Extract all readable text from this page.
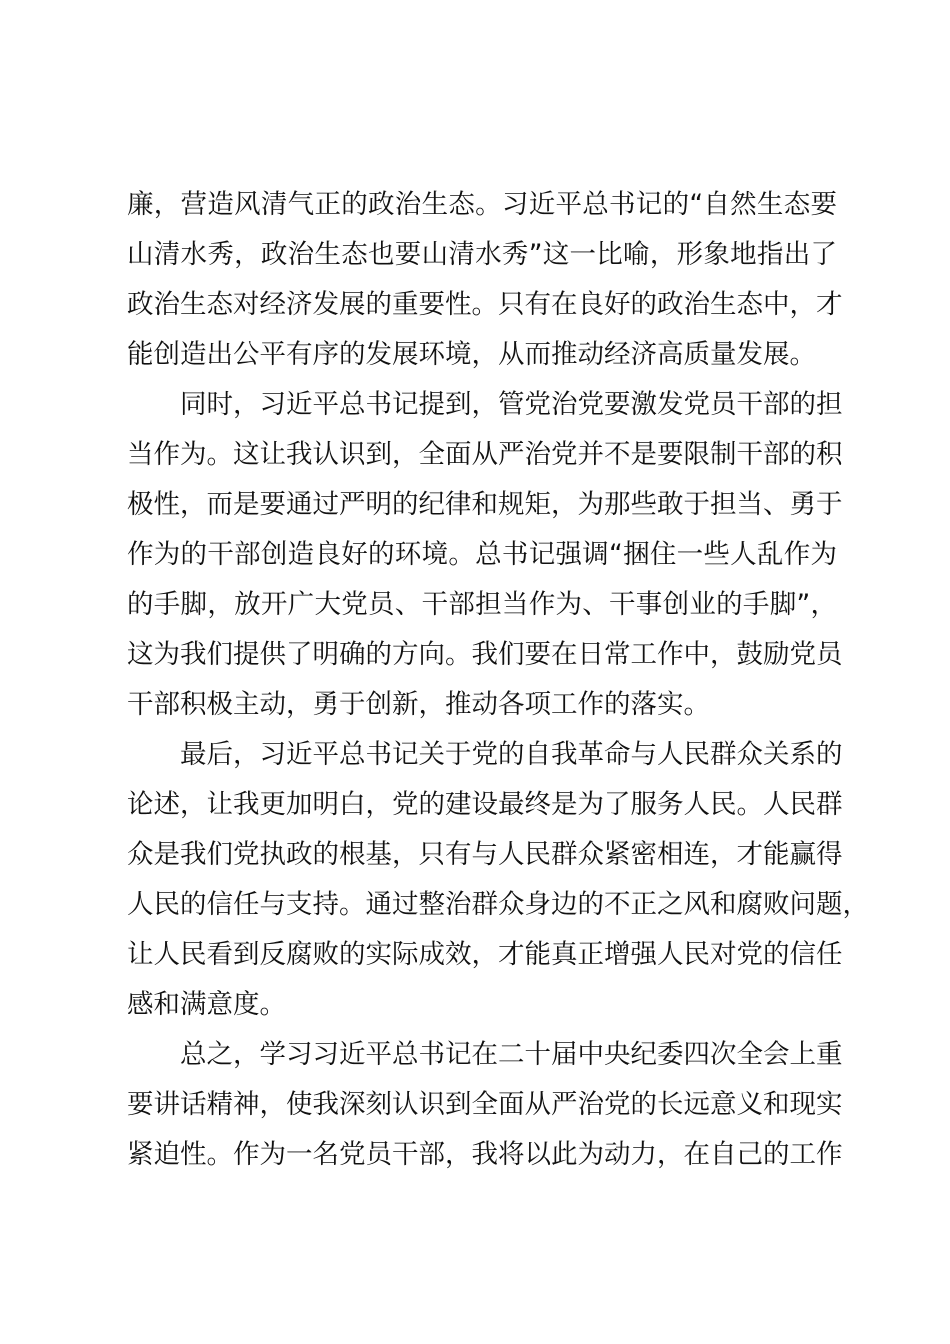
廉，营造风清气正的政治生态。习近平总书记的“自然生态要
山清水秀，政治生态也要山清水秀”这一比喻，形象地指出了
政治生态对经济发展的重要性。只有在良好的政治生态中，才
能创造出公平有序的发展环境，从而推动经济高质量发展。
同时，习近平总书记提到，管党治党要激发党员干部的担
当作为。这让我认识到，全面从严治党并不是要限制干部的积
极性，而是要通过严明的纪律和规矩，为那些敢于担当、勇于
作为的干部创造良好的环境。总书记强调“捆住一些人乱作为
的手脚，放开广大党员、干部担当作为、干事创业的手脚”，
这为我们提供了明确的方向。我们要在日常工作中，鼓励党员
干部积极主动，勇于创新，推动各项工作的落实。
最后，习近平总书记关于党的自我革命与人民群众关系的
论述，让我更加明白，党的建设最终是为了服务人民。人民群
众是我们党执政的根基，只有与人民群众紧密相连，才能赢得
人民的信任与支持。通过整治群众身边的不正之风和腐败问题，
让人民看到反腐败的实际成效，才能真正增强人民对党的信任
感和满意度。
总之，学习习近平总书记在二十届中央纪委四次全会上重
要讲话精神，使我深刻认识到全面从严治党的长远意义和现实
紧迫性。作为一名党员干部，我将以此为动力，在自己的工作
